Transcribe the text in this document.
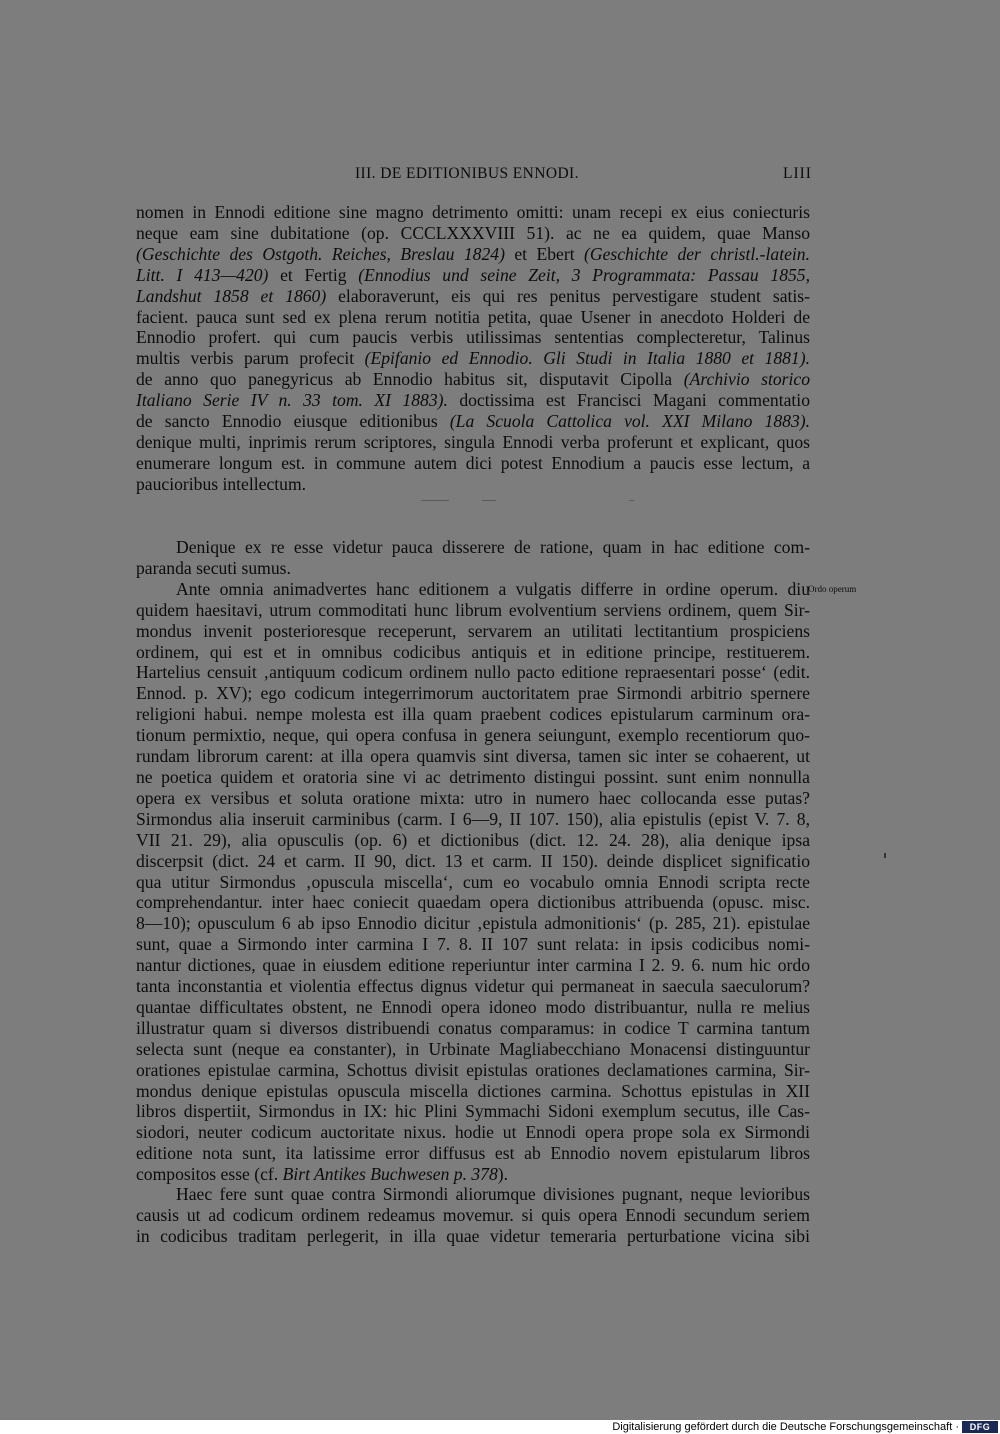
III. DE EDITIONIBUS ENNODI.	LIII
nomen in Ennodi editione sine magno detrimento omitti: unam recepi ex eius coniecturis
neque eam sine dubitatione (op. CCCLXXXVIII 51). ac ne ea quidem, quae Manso
(Geschichte des Ostgoth. Reiches, Breslau 1824) et Ebert (Geschichte der christl.-latein.
Litt. I 413—420) et Fertig (Ennodius und seine Zeit, 3 Programmata: Passau 1855,
Landshut 1858 et 1860) elaboraverunt, eis qui res penitus pervestigare student satis-
facient. pauca sunt sed ex plena rerum notitia petita, quae Usener in anecdoto Holderi de
Ennodio profert. qui cum paucis verbis utilissimas sententias complecteretur, Talinus
multis verbis parum profecit (Epifanio ed Ennodio. Gli Studi in Italia 1880 et 1881).
de anno quo panegyricus ab Ennodio habitus sit, disputavit Cipolla (Archivio storico
Italiano Serie IV n. 33 tom. XI 1883). doctissima est Francisci Magani commentatio
de sancto Ennodio eiusque editionibus (La Scuola Cattolica vol. XXI Milano 1883).
denique multi, inprimis rerum scriptores, singula Ennodi verba proferunt et explicant, quos
enumerare longum est. in commune autem dici potest Ennodium a paucis esse lectum, a
paucioribus intellectum.
Denique ex re esse videtur pauca disserere de ratione, quam in hac editione com-
paranda secuti sumus.
Ante omnia animadvertes hanc editionem a vulgatis differre in ordine operum. diu
quidem haesitavi, utrum commoditati hunc librum evolventium serviens ordinem, quem Sir-
mondus invenit posterioresque receperunt, servarem an utilitati lectitantium prospiciens
ordinem, qui est et in omnibus codicibus antiquis et in editione principe, restituerem.
Hartelius censuit ‚antiquum codicum ordinem nullo pacto editione repraesentari posse‘ (edit.
Ennod. p. XV); ego codicum integerrimorum auctoritatem prae Sirmondi arbitrio spernere
religioni habui. nempe molesta est illa quam praebent codices epistularum carminum ora-
tionum permixtio, neque, qui opera confusa in genera seiungunt, exemplo recentiorum quo-
rundam librorum carent: at illa opera quamvis sint diversa, tamen sic inter se cohaerent, ut
ne poetica quidem et oratoria sine vi ac detrimento distingui possint. sunt enim nonnulla
opera ex versibus et soluta oratione mixta: utro in numero haec collocanda esse putas?
Sirmondus alia inseruit carminibus (carm. I 6—9, II 107. 150), alia epistulis (epist V. 7. 8,
VII 21. 29), alia opusculis (op. 6) et dictionibus (dict. 12. 24. 28), alia denique ipsa
discerpsit (dict. 24 et carm. II 90, dict. 13 et carm. II 150). deinde displicet significatio
qua utitur Sirmondus ‚opuscula miscella‘, cum eo vocabulo omnia Ennodi scripta recte
comprehendantur. inter haec coniecit quaedam opera dictionibus attribuenda (opusc. misc.
8—10); opusculum 6 ab ipso Ennodio dicitur ‚epistula admonitionis‘ (p. 285, 21). epistulae
sunt, quae a Sirmondo inter carmina I 7. 8. II 107 sunt relata: in ipsis codicibus nomi-
nantur dictiones, quae in eiusdem editione reperiuntur inter carmina I 2. 9. 6. num hic ordo
tanta inconstantia et violentia effectus dignus videtur qui permaneat in saecula saeculorum?
quantae difficultates obstent, ne Ennodi opera idoneo modo distribuantur, nulla re melius
illustratur quam si diversos distribuendi conatus comparamus: in codice T carmina tantum
selecta sunt (neque ea constanter), in Urbinate Magliabecchiano Monacensi distinguuntur
orationes epistulae carmina, Schottus divisit epistulas orationes declamationes carmina, Sir-
mondus denique epistulas opuscula miscella dictiones carmina. Schottus epistulas in XII
libros dispertiit, Sirmondus in IX: hic Plini Symmachi Sidoni exemplum secutus, ille Cas-
siodori, neuter codicum auctoritate nixus. hodie ut Ennodi opera prope sola ex Sirmondi
editione nota sunt, ita latissime error diffusus est ab Ennodio novem epistularum libros
compositos esse (cf. Birt Antikes Buchwesen p. 378).
Ordo operum
Haec fere sunt quae contra Sirmondi aliorumque divisiones pugnant, neque levioribus
causis ut ad codicum ordinem redeamus movemur. si quis opera Ennodi secundum seriem
in codicibus traditam perlegerit, in illa quae videtur temeraria perturbatione vicina sibi
Digitalisierung gefördert durch die Deutsche Forschungsgemeinschaft ·	DFG
